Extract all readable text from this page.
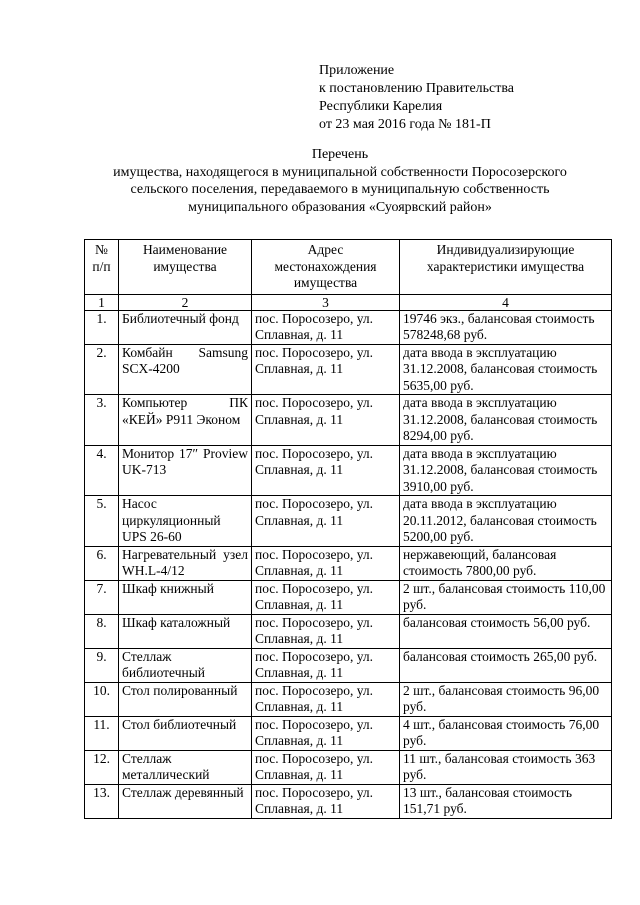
Приложение
к постановлению Правительства
Республики Карелия
от 23 мая 2016 года № 181-П
Перечень
имущества, находящегося в муниципальной собственности Поросозерского
сельского поселения, передаваемого в муниципальную собственность
муниципального образования «Суоярвский район»
№ п/п	Наименование имущества	Адрес местонахождения имущества	Индивидуализирующие характеристики имущества
1	2	3	4
1.	Библиотечный фонд	пос. Поросозеро, ул. Сплавная, д. 11	19746 экз., балансовая стоимость 578248,68 руб.
2.	Комбайн Samsung SCX-4200	пос. Поросозеро, ул. Сплавная, д. 11	дата ввода в эксплуатацию 31.12.2008, балансовая стоимость 5635,00 руб.
3.	Компьютер ПК «КЕЙ» P911 Эконом	пос. Поросозеро, ул. Сплавная, д. 11	дата ввода в эксплуатацию 31.12.2008, балансовая стоимость 8294,00 руб.
4.	Монитор 17″ Proview UK-713	пос. Поросозеро, ул. Сплавная, д. 11	дата ввода в эксплуатацию 31.12.2008, балансовая стоимость 3910,00 руб.
5.	Насос циркуляционный UPS 26-60	пос. Поросозеро, ул. Сплавная, д. 11	дата ввода в эксплуатацию 20.11.2012, балансовая стоимость 5200,00 руб.
6.	Нагревательный узел WH.L-4/12	пос. Поросозеро, ул. Сплавная, д. 11	нержавеющий, балансовая стоимость 7800,00 руб.
7.	Шкаф книжный	пос. Поросозеро, ул. Сплавная, д. 11	2 шт., балансовая стоимость 110,00 руб.
8.	Шкаф каталожный	пос. Поросозеро, ул. Сплавная, д. 11	балансовая стоимость 56,00 руб.
9.	Стеллаж библиотечный	пос. Поросозеро, ул. Сплавная, д. 11	балансовая стоимость 265,00 руб.
10.	Стол полированный	пос. Поросозеро, ул. Сплавная, д. 11	2 шт., балансовая стоимость 96,00 руб.
11.	Стол библиотечный	пос. Поросозеро, ул. Сплавная, д. 11	4 шт., балансовая стоимость 76,00 руб.
12.	Стеллаж металлический	пос. Поросозеро, ул. Сплавная, д. 11	11 шт., балансовая стоимость 363 руб.
13.	Стеллаж деревянный	пос. Поросозеро, ул. Сплавная, д. 11	13 шт., балансовая стоимость 151,71 руб.
